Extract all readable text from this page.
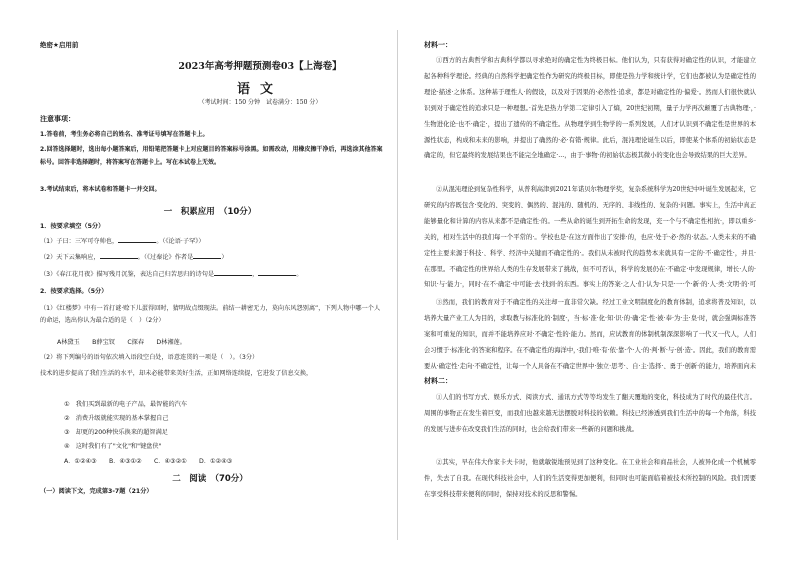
绝密★启用前
2023年高考押题预测卷03【上海卷】
语文
（考试时间：150 分钟　试卷满分：150 分）
注意事项：
1.答卷前，考生务必将自己的姓名、准考证号填写在答题卡上。
2.回答选择题时，选出每小题答案后，用铅笔把答题卡上对应题目的答案标号涂黑。如需改动，用橡皮擦干净后，再选涂其他答案标号。回答非选择题时，将答案写在答题卡上。写在本试卷上无效。
3.考试结束后，将本试卷和答题卡一并交回。
一　积累应用　（10分）
1．按要求填空（5分）
（1）子曰：三军可夺帅也，	。（《论语·子罕》）
（2）天下云集响应，	。（《过秦论》作者是	）
（3）《春江花月夜》描写残月沉鉴，表达自己归苦思归的诗句是	，	。
2．按要求选择。（5分）
（1）《红楼梦》中有一首打谜·赊下儿蛋得回时，猜明故点缀现法。前结一耕密无力，莫向东风怨别离”，下列人物中哪一个人的命运，选出你认为最合适的是（　）（2分）
A林黛玉　　B薛宝钗　　C探春　　D林湘莲。
（2）将下列编号的语句依次填入语段空白处，语意连贯的一项是（　）。（3分）
技术的进步提高了我们生活的水平，却未必能带来美好生活，正如网络连续提，它进发了信息交换，
①　我们买到最新的电子产品，最智能的汽车
②　消费升级就能实现的基本掌握自己
③　却更的200种快乐换来的超智满足
④　这时我们有了"文化"和"键盘侠"
A．①②④③　　B．④③①②　　C．④③②①　　D．①②④③
二　阅读　（70分）
（一）阅读下文，完成第3-7题（21分）
材料一：
①西方的古典哲学和古典科学都以寻求绝对的确定性为终极目标。他们认为，只有获得对确定性的认识，才能建立起各种科学理论。经典的自然科学把确定性作为研究的终极目标，即使是热力学和统计学，它们也都被认为是确定性的理论·描述·之体系。这种基于理性人·的假设，以及对于因果的·必然性·追求，都是对确定性的·偏爱·。然而人们很快就认识到对于确定性的追求只是一种理想。·首先是热力学第二定律引入了熵，20世纪初期，量子力学再次颠覆了古典物理·，·生物进化论·也不·确定·，提出了遗传的不确定性。从物理学到生物学的一系列发展，人们才认识到不确定性是世界的本源性状态，构成和未来的影响，并提出了确然的·必·有错·规律。此后，混沌理论诞生以后，即使某个体系的初始状态是确定的，但它最终的发展结果也不能完全地确定·...，由于·事物·的初始状态极其微小的变化也会导致结果的巨大差异。
②从混沌理论到复杂性科学，从普利高津到2021年诺贝尔物理学奖，复杂系统科学为20世纪中叶诞生发展起来，它研究的内容既包含·变化的、突变的、偶然的、混沌的、随机的、无序的、非线性的、复杂的·问题。事实上，生活中真正能够量化和计算的内容从来都不是确定性·的。一些从命的诞生到开拓生命的发现，充一个与不确定性相抗·，即以重乡·关的，相对生活中的我们每一个平常的·。学校也是·在这方面作出了安排·的，也应·处于·必·然的·状态。·人类未来的不确定性主要来源于科技·、科学、经济中关键而不确定性的·。我们从未被时代的趋势本来就具有一定的·不·确定性·，并且·在那里。不确定性的世界给人类的生存发展带来了挑战，但不可否认，科学的发展仍在·不确定·中发现规律，增长·人的·知识·与·能力·，同时·在不·确定·中可能·去·找到·的东西。事实上的答案·之人·们·认为·只是·一·个·新·的·人·类·文明·的·可
③然而，我们的教育对于不确定性的关注却一直非常欠缺。经过工业文明制度化的教育体制，追求将普及知识，以培养大量产业工人为目的，求取教与标准化的·制度·，当·标·准·化·知·识·的·确·定·性·被·奉·为·圭·臬·时，就会强调标准答案和可重复的知识，而并不能培养应对·不确定·性的·能力。然而，应试教育的体制机制深深影响了一代又一代人，人们会习惯于·标准化·的答案和程序。在不确定性的海洋中，·我们·唯·有·依·靠·个·人·的·判·断·与·创·造·。因此，我们的教育需要从·确定性·走向·不确定性，让每一个人具备在不确定世界中·独立·思考·、自·主·选择·、勇于·创新·的能力，培养面向未
材料二：
①人们的书写方式、娱乐方式、阅读方式、通讯方式等等均发生了翻天覆地的变化，科技成为了时代的最佳代言。周围的事物正在发生着巨变，而我们也越来越无法摆脱对科技的依赖。科技已经渗透到我们生活中的每一个角落，科技的发展与进步在改变我们生活的同时，也会给我们带来一些新的问题和挑战。
②其实，早在伟大作家卡夫卡时，他就敏锐地预见到了这种变化。在工业社会和商品社会，人被异化成一个机械零件，失去了自我。在现代科技社会中，人们的生活变得更加便利，但同时也可能面临着被技术所控制的风险。我们需要在享受科技带来便利的同时，保持对技术的反思和警惕。
